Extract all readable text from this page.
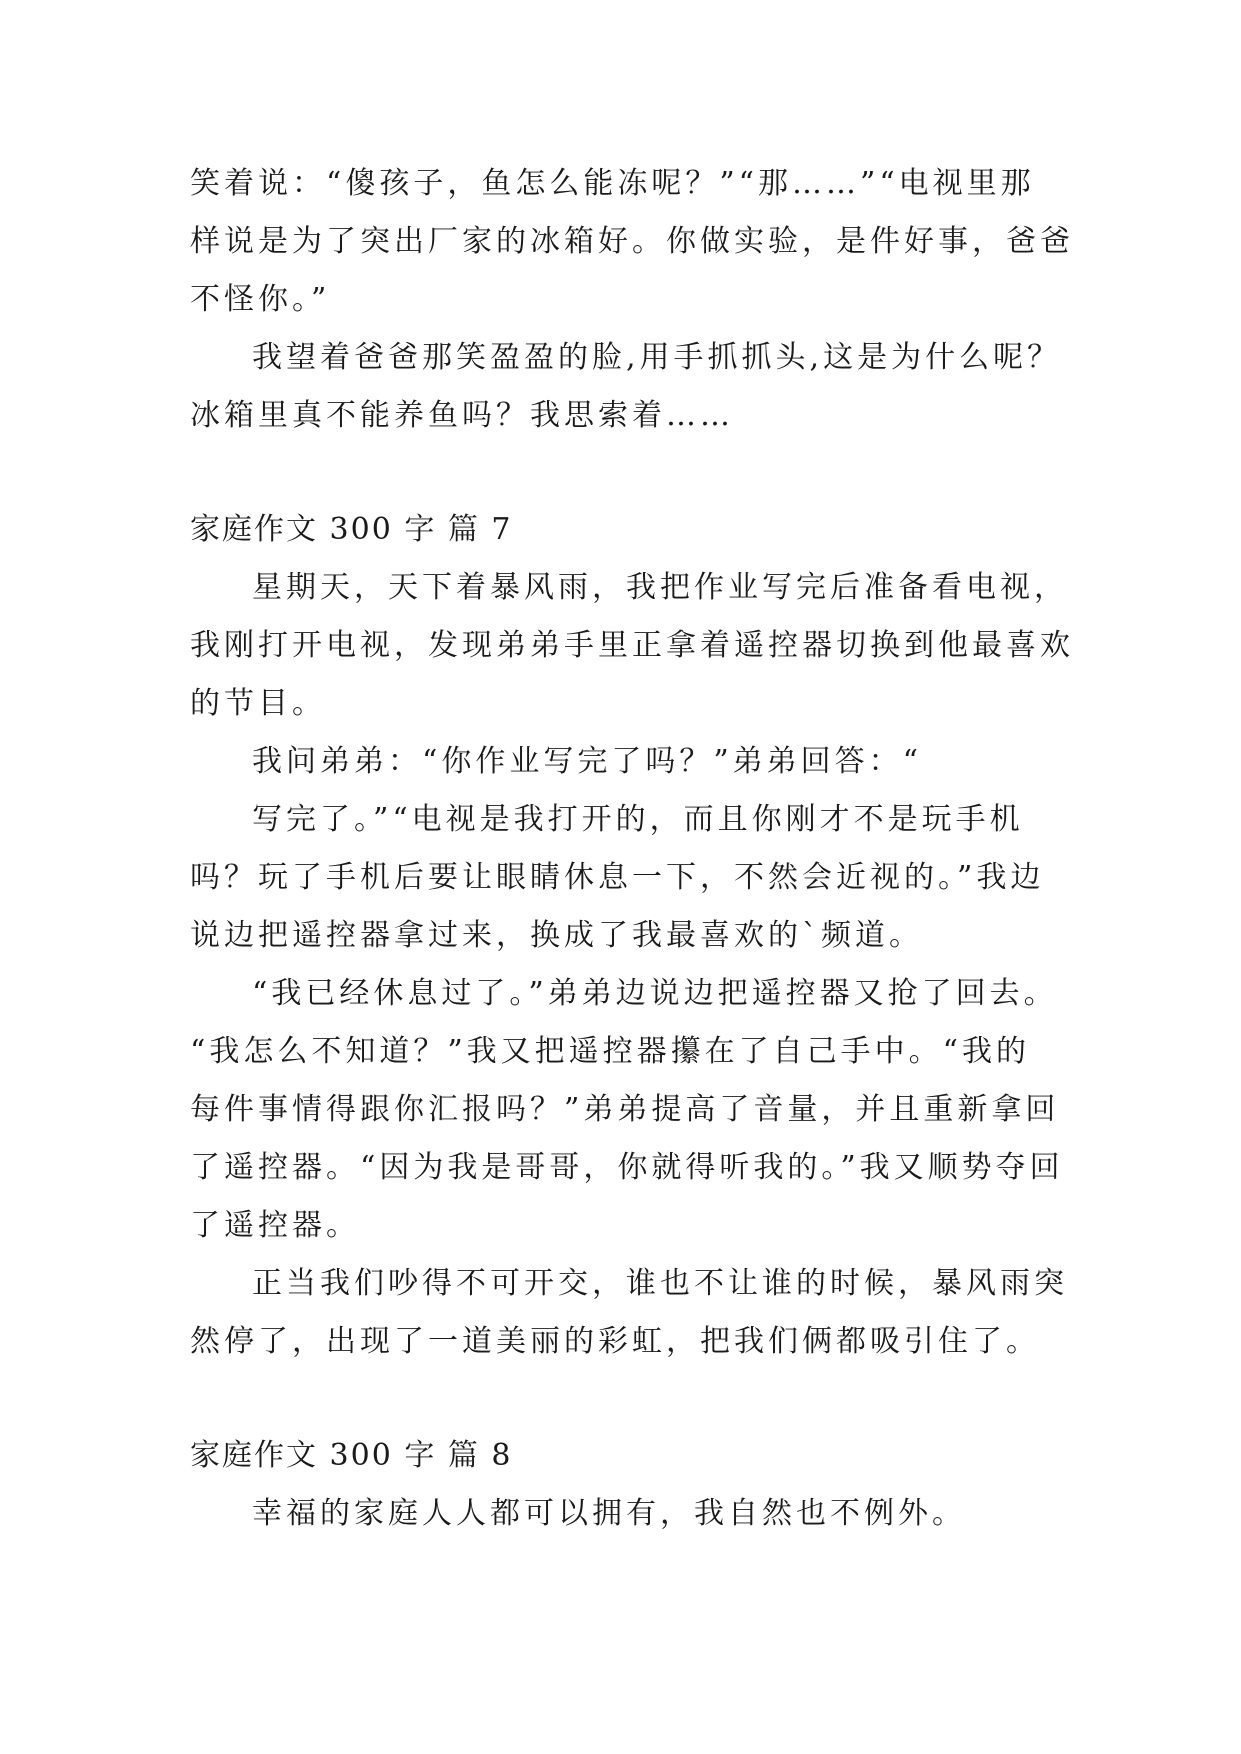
笑着说：“傻孩子，鱼怎么能冻呢？”“那……”“电视里那
样说是为了突出厂家的冰箱好。你做实验，是件好事，爸爸
不怪你。”
我望着爸爸那笑盈盈的脸,用手抓抓头,这是为什么呢？
冰箱里真不能养鱼吗？我思索着……
家庭作文 300 字 篇 7
星期天，天下着暴风雨，我把作业写完后准备看电视，
我刚打开电视，发现弟弟手里正拿着遥控器切换到他最喜欢
的节目。
我问弟弟：“你作业写完了吗？”弟弟回答：“
写完了。”“电视是我打开的，而且你刚才不是玩手机
吗？玩了手机后要让眼睛休息一下，不然会近视的。”我边
说边把遥控器拿过来，换成了我最喜欢的`频道。
“我已经休息过了。”弟弟边说边把遥控器又抢了回去。
“我怎么不知道？”我又把遥控器攥在了自己手中。“我的
每件事情得跟你汇报吗？”弟弟提高了音量，并且重新拿回
了遥控器。“因为我是哥哥，你就得听我的。”我又顺势夺回
了遥控器。
正当我们吵得不可开交，谁也不让谁的时候，暴风雨突
然停了，出现了一道美丽的彩虹，把我们俩都吸引住了。
家庭作文 300 字 篇 8
幸福的家庭人人都可以拥有，我自然也不例外。
